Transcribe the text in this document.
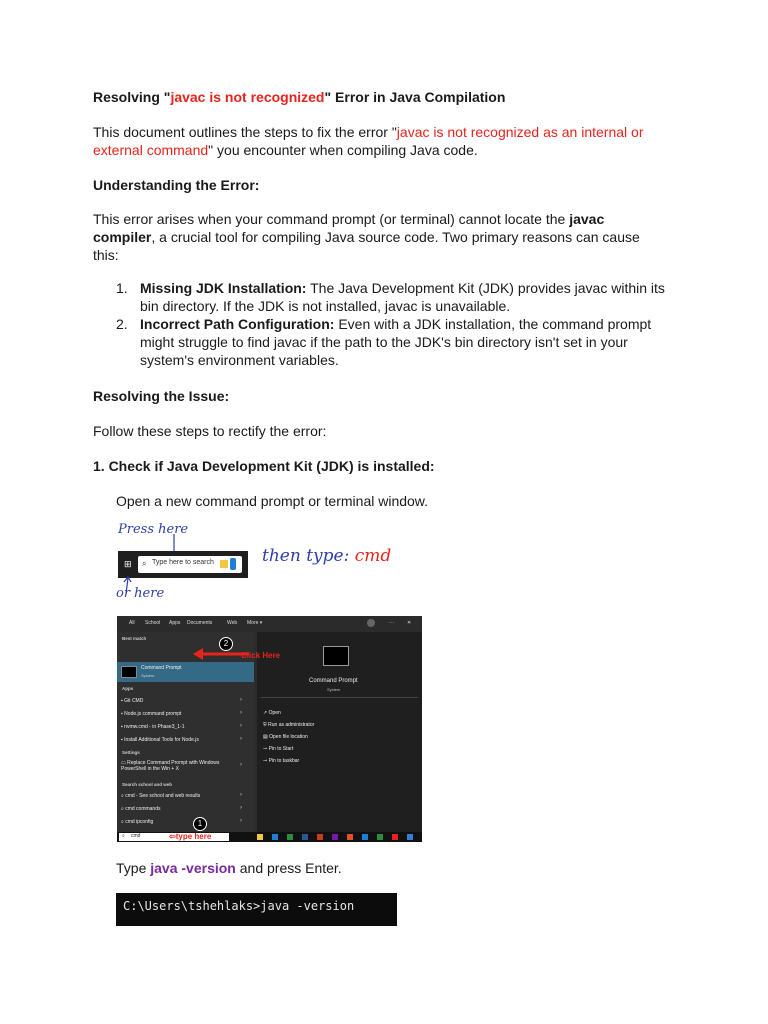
Resolving "javac is not recognized" Error in Java Compilation

This document outlines the steps to fix the error "javac is not recognized as an internal or external command" you encounter when compiling Java code.

Understanding the Error:

This error arises when your command prompt (or terminal) cannot locate the javac compiler, a crucial tool for compiling Java source code. Two primary reasons can cause this:

1. Missing JDK Installation: The Java Development Kit (JDK) provides javac within its bin directory. If the JDK is not installed, javac is unavailable.
2. Incorrect Path Configuration: Even with a JDK installation, the command prompt might struggle to find javac if the path to the JDK's bin directory isn't set in your system's environment variables.

Resolving the Issue:

Follow these steps to rectify the error:

1. Check if Java Development Kit (JDK) is installed:

Open a new command prompt or terminal window.

Press here
⊞ ⌕ Type here to search
or here
then type: cmd
All School Apps Documents	Web More ▾	···	✕
Best match
Command Prompt
System
Apps
▪ Git CMD	›
▪ Node.js command prompt	›
▪ nvmw.cmd - in Phase3_1-1	›
▪ Install Additional Tools for Node.js	›
Settings
▭ Replace Command Prompt with Windows PowerShell in the Win + X
›
Search school and web
⌕ cmd - See school and web results	›
⌕ cmd commands	›
⌕ cmd ipconfig	›
Command Prompt
System
↗ Open
⛨ Run as administrator
▤ Open file location
⊸ Pin to Start
⊸ Pin to taskbar
⌕ cmd
2
Click Here
1
⇦type here

Type java -version and press Enter.

C:\Users\tshehlaks>java -version
